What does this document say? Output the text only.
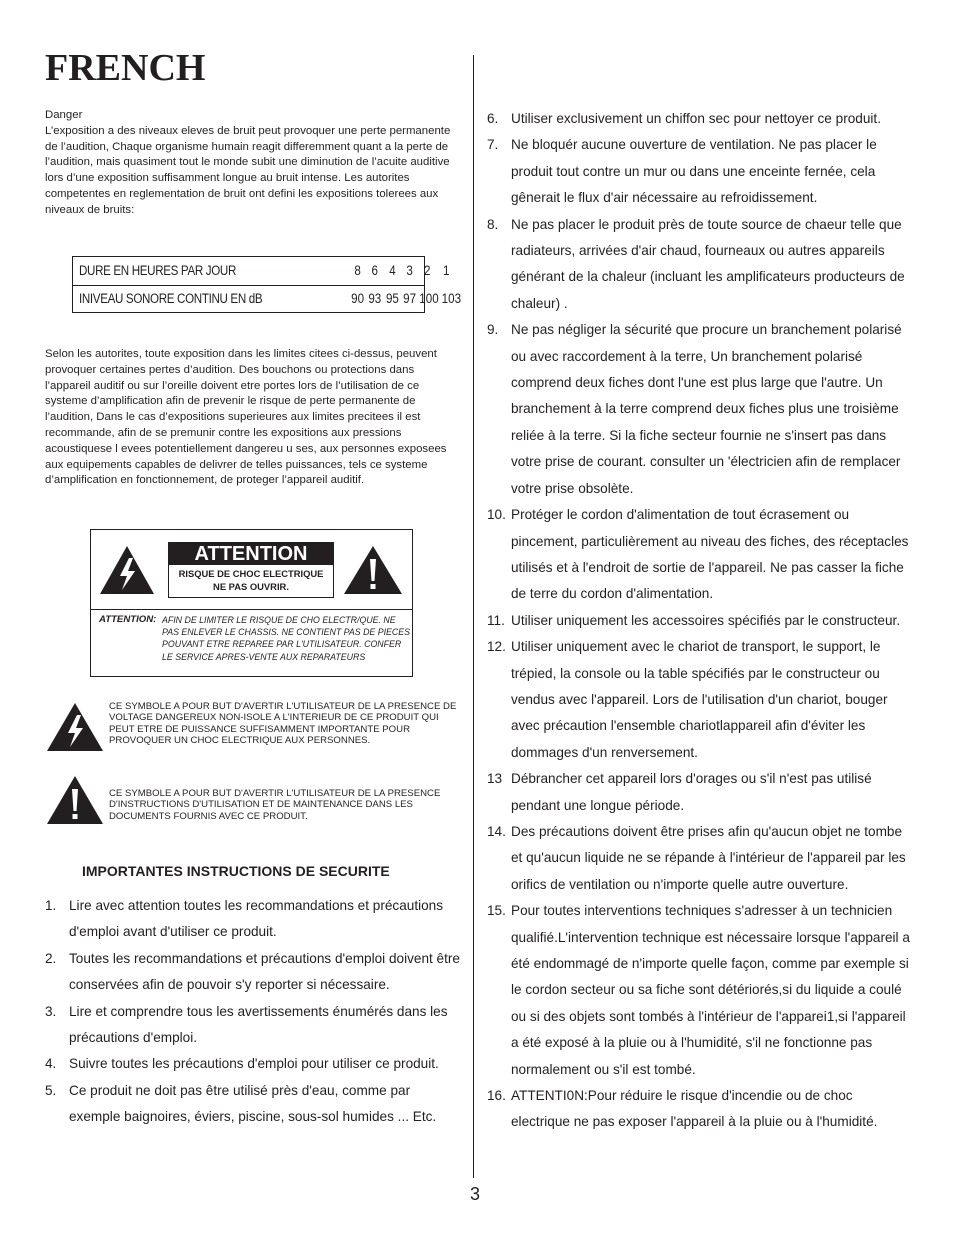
FRENCH

Danger

L’exposition a des niveaux eleves de bruit peut provoquer une perte permanente de l’audition, Chaque organisme humain reagit differemment quant a la perte de l’audition, mais quasiment tout le monde subit une diminution de l’acuite auditive lors d’une exposition suffisamment longue au bruit intense. Les autorites competentes en reglementation de bruit ont defini les expositions tolerees aux niveaux de bruits:

DURE EN HEURES PAR JOUR	8 6 4 3 2 1
INIVEAU SONORE CONTINU EN dB	90 93 95 97 100 103

Selon les autorites, toute exposition dans les limites citees ci-dessus, peuvent provoquer certaines pertes d’audition. Des bouchons ou protections dans l’appareil auditif ou sur l’oreille doivent etre portes lors de l’utilisation de ce systeme d’amplification afin de prevenir le risque de perte permanente de l’audition, Dans le cas d’expositions superieures aux limites precitees il est recommande, afin de se premunir contre les expositions aux pressions acoustiquese l evees potentiellement dangereu u ses, aux personnes exposees aux equipements capables de delivrer de telles puissances, tels ce systeme d’amplification en fonctionnement, de proteger l’appareil auditif.

ATTENTION
RISQUE DE CHOC ELECTRIQUE
NE PAS OUVRIR.
ATTENTION: AFIN DE LIMITER LE RISQUE DE CHO ELECTR/QUE. NE PAS ENLEVER LE CHASSIS. NE CONTIENT PAS DE PIECES POUVANT ETRE REPAREE PAR L'UTILISATEUR. CONFER LE SERVICE APRES-VENTE AUX REPARATEURS
CE SYMBOLE A POUR BUT D'AVERTIR L'UTILISATEUR DE LA PRESENCE DE VOLTAGE DANGEREUX NON-ISOLE A L'INTERIEUR DE CE PRODUIT QUI PEUT ETRE DE PUISSANCE SUFFISAMMENT IMPORTANTE POUR PROVOQUER UN CHOC ELECTRIQUE AUX PERSONNES.
CE SYMBOLE A POUR BUT D'AVERTIR L'UTILISATEUR DE LA PRESENCE D'INSTRUCTIONS D'UTILISATION ET DE MAINTENANCE DANS LES DOCUMENTS FOURNIS AVEC CE PRODUIT.
IMPORTANTES INSTRUCTIONS DE SECURITE
1. Lire avec attention toutes les recommandations et précautions d'emploi avant d'utiliser ce produit.
2. Toutes les recommandations et précautions d'emploi doivent être conservées afin de pouvoir s'y reporter si nécessaire.
3. Lire et comprendre tous les avertissements énumérés dans les précautions d'emploi.
4. Suivre toutes les précautions d'emploi pour utiliser ce produit.
5. Ce produit ne doit pas être utilisé près d'eau, comme par exemple baignoires, éviers, piscine, sous-sol humides ... Etc.
6. Utiliser exclusivement un chiffon sec pour nettoyer ce produit.
7. Ne bloquér aucune ouverture de ventilation. Ne pas placer le produit tout contre un mur ou dans une enceinte fernée, cela gênerait le flux d'air nécessaire au refroidissement.
8. Ne pas placer le produit près de toute source de chaeur telle que radiateurs, arrivées d'air chaud, fourneaux ou autres appareils générant de la chaleur (incluant les amplificateurs producteurs de chaleur) .
9. Ne pas négliger la sécurité que procure un branchement polarisé ou avec raccordement à la terre, Un branchement polarisé comprend deux fiches dont l'une est plus large que l'autre. Un branchement à la terre comprend deux fiches plus une troisième reliée à la terre. Si la fiche secteur fournie ne s'insert pas dans votre prise de courant. consulter un 'électricien afin de remplacer votre prise obsolète.
10. Protéger le cordon d'alimentation de tout écrasement ou pincement, particulièrement au niveau des fiches, des réceptacles utilisés et à l'endroit de sortie de l'appareil. Ne pas casser la fiche de terre du cordon d'alimentation.
11. Utiliser uniquement les accessoires spécifiés par le constructeur.
12. Utiliser uniquement avec le chariot de transport, le support, le trépied, la console ou la table spécifiés par le constructeur ou vendus avec l'appareil. Lors de l'utilisation d'un chariot, bouger avec précaution l'ensemble chariotlappareil afin d'éviter les dommages d'un renversement.
13 Débrancher cet appareil lors d'orages ou s'il n'est pas utilisé pendant une longue période.
14. Des précautions doivent être prises afin qu'aucun objet ne tombe et qu'aucun liquide ne se répande à l'intérieur de l'appareil par les orifics de ventilation ou n'importe quelle autre ouverture.
15. Pour toutes interventions techniques s'adresser à un technicien qualifié.L'intervention technique est nécessaire lorsque l'appareil a été endommagé de n'importe quelle façon, comme par exemple si le cordon secteur ou sa fiche sont détériorés,si du liquide a coulé ou si des objets sont tombés à l'intérieur de l'apparei1,si l'appareil a été exposé à la pluie ou à l'humidité, s'il ne fonctionne pas normalement ou s'il est tombé.
16. ATTENTI0N:Pour réduire le risque d'incendie ou de choc electrique ne pas exposer l'appareil à la pluie ou à l'humidité.
3
